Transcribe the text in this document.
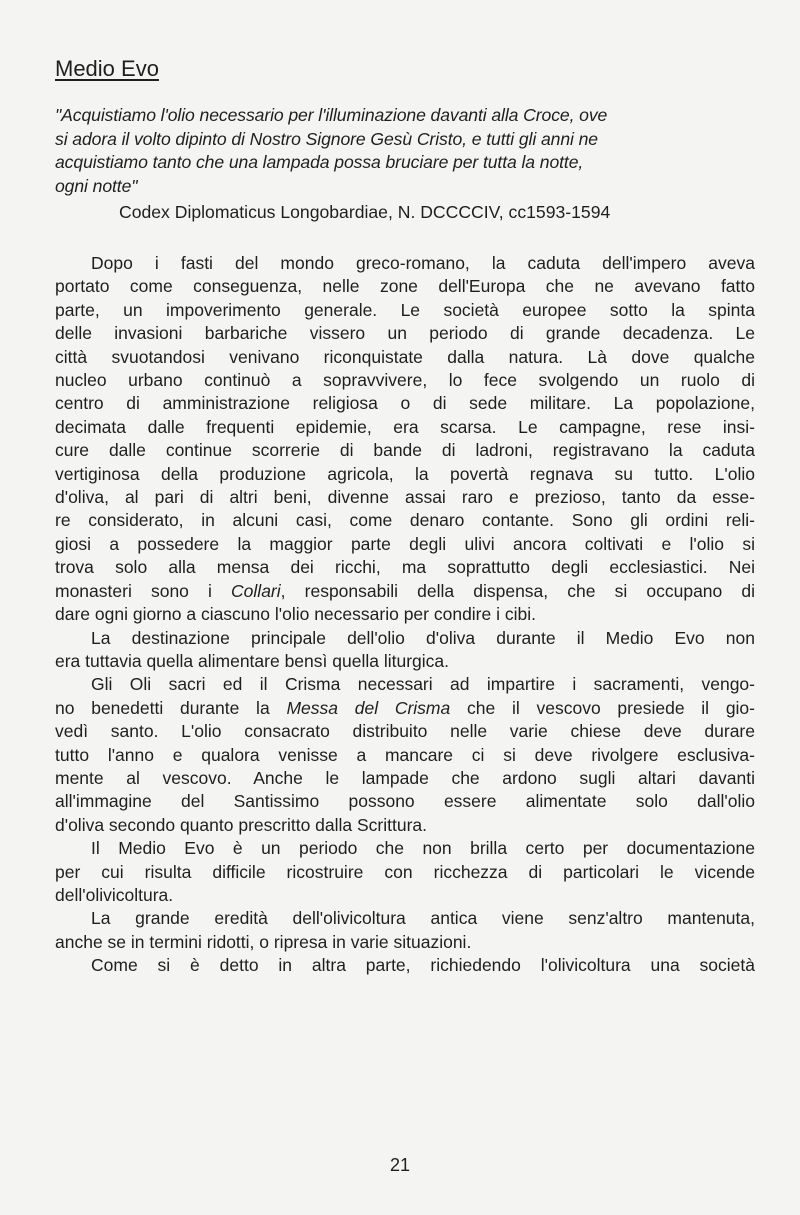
Medio Evo
"Acquistiamo l'olio necessario per l'illuminazione davanti alla Croce, ove
si adora il volto dipinto di Nostro Signore Gesù Cristo, e tutti gli anni ne
acquistiamo tanto che una lampada possa bruciare per tutta la notte,
ogni notte"
Codex Diplomaticus Longobardiae, N. DCCCCIV, cc1593-1594
Dopo i fasti del mondo greco-romano, la caduta dell'impero aveva
portato come conseguenza, nelle zone dell'Europa che ne avevano fatto
parte, un impoverimento generale. Le società europee sotto la spinta
delle invasioni barbariche vissero un periodo di grande decadenza. Le
città svuotandosi venivano riconquistate dalla natura. Là dove qualche
nucleo urbano continuò a sopravvivere, lo fece svolgendo un ruolo di
centro di amministrazione religiosa o di sede militare. La popolazione,
decimata dalle frequenti epidemie, era scarsa. Le campagne, rese insi-
cure dalle continue scorrerie di bande di ladroni, registravano la caduta
vertiginosa della produzione agricola, la povertà regnava su tutto. L'olio
d'oliva, al pari di altri beni, divenne assai raro e prezioso, tanto da esse-
re considerato, in alcuni casi, come denaro contante. Sono gli ordini reli-
giosi a possedere la maggior parte degli ulivi ancora coltivati e l'olio si
trova solo alla mensa dei ricchi, ma soprattutto degli ecclesiastici. Nei
monasteri sono i Collari, responsabili della dispensa, che si occupano di
dare ogni giorno a ciascuno l'olio necessario per condire i cibi.
La destinazione principale dell'olio d'oliva durante il Medio Evo non
era tuttavia quella alimentare bensì quella liturgica.
Gli Oli sacri ed il Crisma necessari ad impartire i sacramenti, vengo-
no benedetti durante la Messa del Crisma che il vescovo presiede il gio-
vedì santo. L'olio consacrato distribuito nelle varie chiese deve durare
tutto l'anno e qualora venisse a mancare ci si deve rivolgere esclusiva-
mente al vescovo. Anche le lampade che ardono sugli altari davanti
all'immagine del Santissimo possono essere alimentate solo dall'olio
d'oliva secondo quanto prescritto dalla Scrittura.
Il Medio Evo è un periodo che non brilla certo per documentazione
per cui risulta difficile ricostruire con ricchezza di particolari le vicende
dell'olivicoltura.
La grande eredità dell'olivicoltura antica viene senz'altro mantenuta,
anche se in termini ridotti, o ripresa in varie situazioni.
Come si è detto in altra parte, richiedendo l'olivicoltura una società
21
